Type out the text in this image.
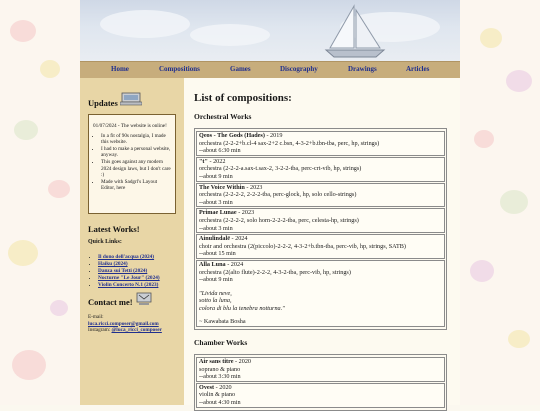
Home	Compositions	Games	Discography	Drawings	Articles
Updates
01/07/2024 - The website is online!
• In a fit of 90s nostalgia, I made this website.
• I had to make a personal website, anyway.
• This goes against any modern 2024 design laws, but I don't care :)
• Made with Sadgrl's Layout Editor, here
Latest Works!
Quick Links:
• Il dono dell'acqua (2024)
• Haiku (2024)
• Danza sui Tetti (2024)
• Nocturne "Le Jour" (2024)
• Violin Concerto N.1 (2023)
Contact me!
E-mail:
luca.ricci.composer@gmail.com
Instagram: @luca_ricci_composer
List of compositions:
Orchestral Works
Qeos - The Gods (Hades) - 2019
orchestra (2-2-2+b.cl-4 sax-2+2 c.bsn, 4-3-2+b.tbn-tba, perc, hp, strings)
--about 6:30 min
"t" - 2022
orchestra (2-2-2-a.sax-t.sax-2, 3-2-2-tba, perc-crt-vib, hp, strings)
--about 9 min
The Voice Within - 2023
orchestra (2-2-2-2, 2-2-2-tba, perc-glock, hp, solo cello-strings)
--about 3 min
Primae Lunae - 2023
orchestra (2-2-2-2, solo horn-2-2-2-tba, perc, celesta-hp, strings)
--about 3 min
Ainulindalë - 2024
choir and orchestra (2(piccolo)-2-2-2, 4-3-2+b.tbn-tba, perc-vib, hp, strings, SATB)
--about 15 min
Alla Luna - 2024
orchestra (2(alto flute)-2-2-2, 4-3-2-tba, perc-vib, hp, strings)
--about 9 min

"Livida neve,
sotto la luna,
colora di blu la tenebra notturna."

~ Kawabata Bosha
Chamber Works
Air sans titre - 2020
soprano & piano
--about 3:30 min
Ovest - 2020
violin & piano
--about 4:30 min
